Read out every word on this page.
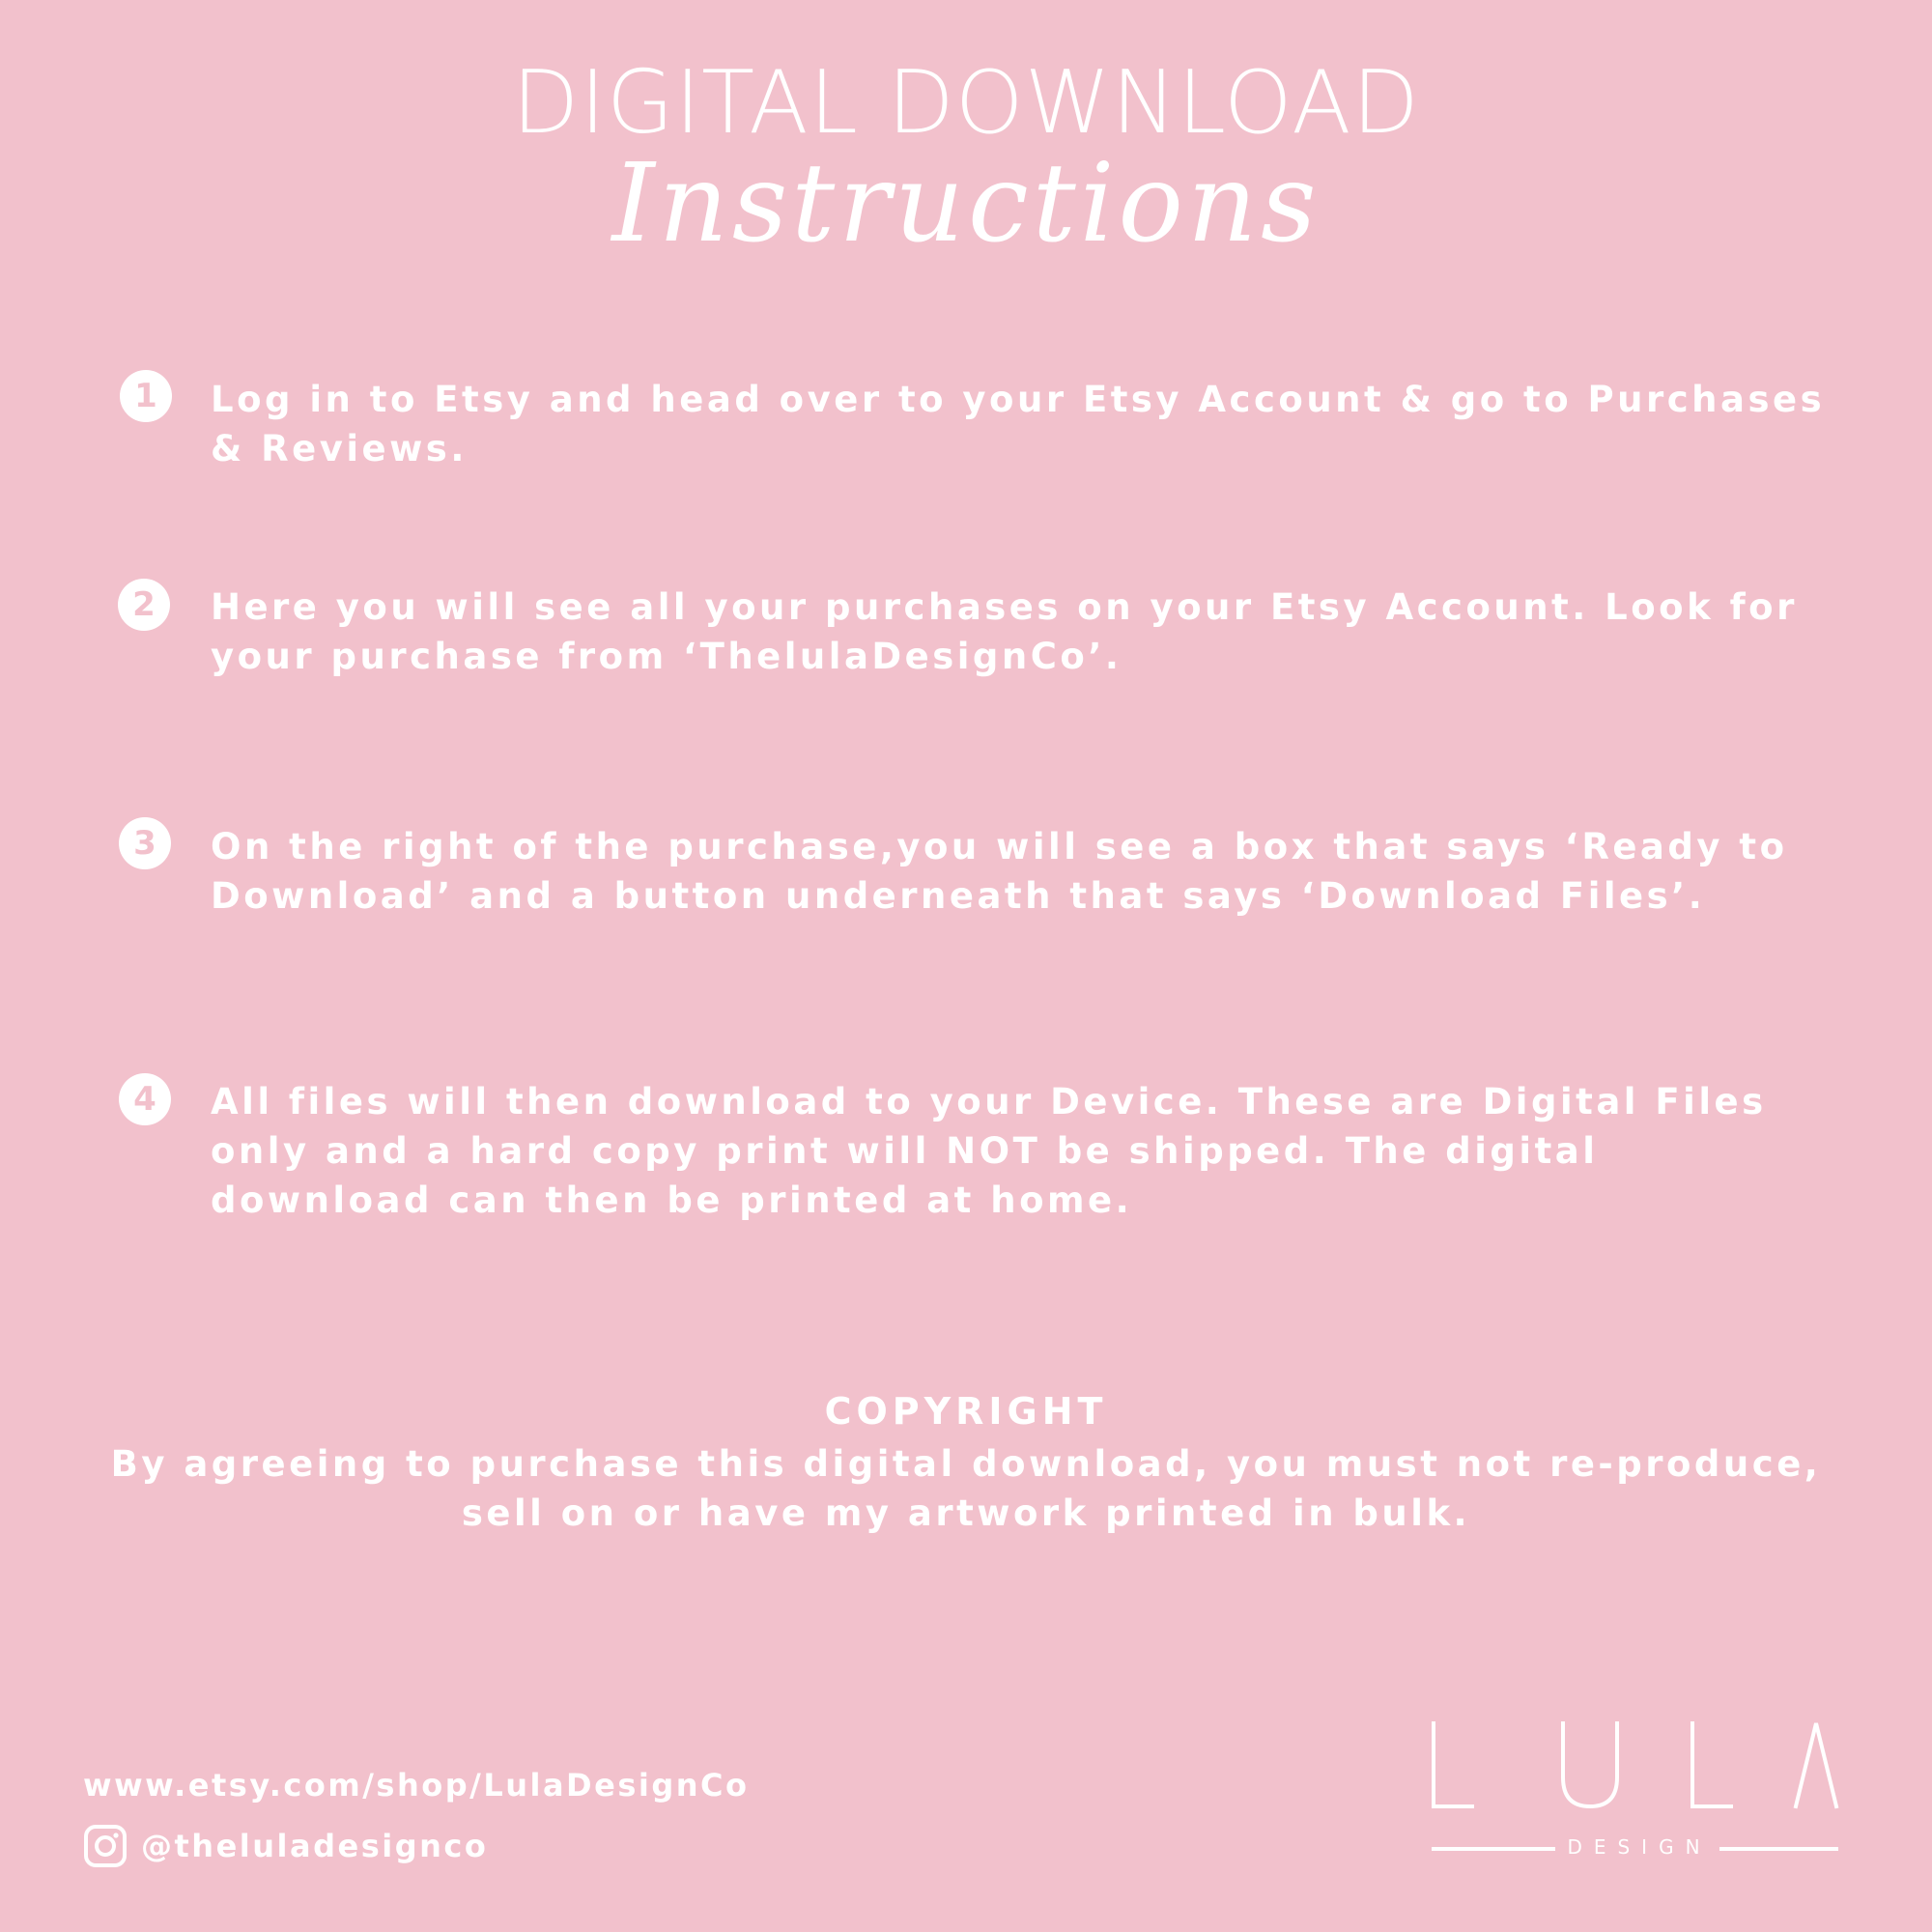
DIGITAL DOWNLOAD
Instructions
1	Log in to Etsy and head over to your Etsy Account & go to Purchases & Reviews.

2	Here you will see all your purchases on your Etsy Account. Look for your purchase from ‘ThelulaDesignCo’.

3	On the right of the purchase,you will see a box that says ‘Ready to Download’ and a button underneath that says ‘Download Files’.

4	All files will then download to your Device. These are Digital Files only and a hard copy print will NOT be shipped. The digital download can then be printed at home.

COPYRIGHT

By agreeing to purchase this digital download, you must not re-produce, sell on or have my artwork printed in bulk.

www.etsy.com/shop/LulaDesignCo
@theluladesignco	DESIGN
